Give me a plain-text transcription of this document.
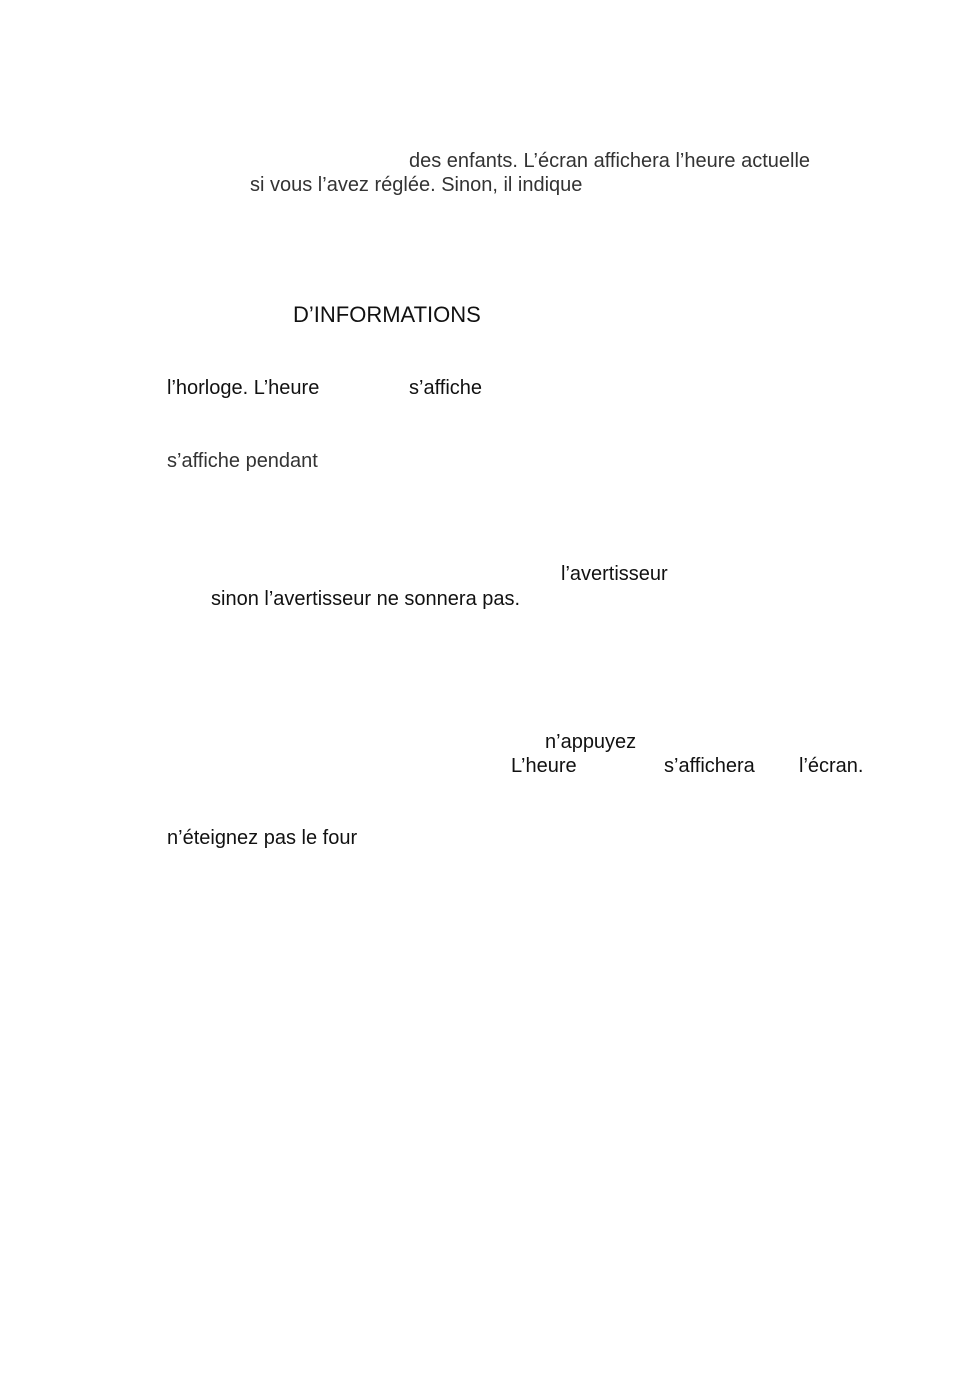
des enfants. L’écran affichera l’heure actuelle
si vous l’avez réglée. Sinon, il indique
D’INFORMATIONS
l’horloge. L’heure	s’affiche
s’affiche pendant
l’avertisseur
sinon l’avertisseur ne sonnera pas.
n’appuyez
L’heure	s’affichera l’écran.
n’éteignez pas le four
